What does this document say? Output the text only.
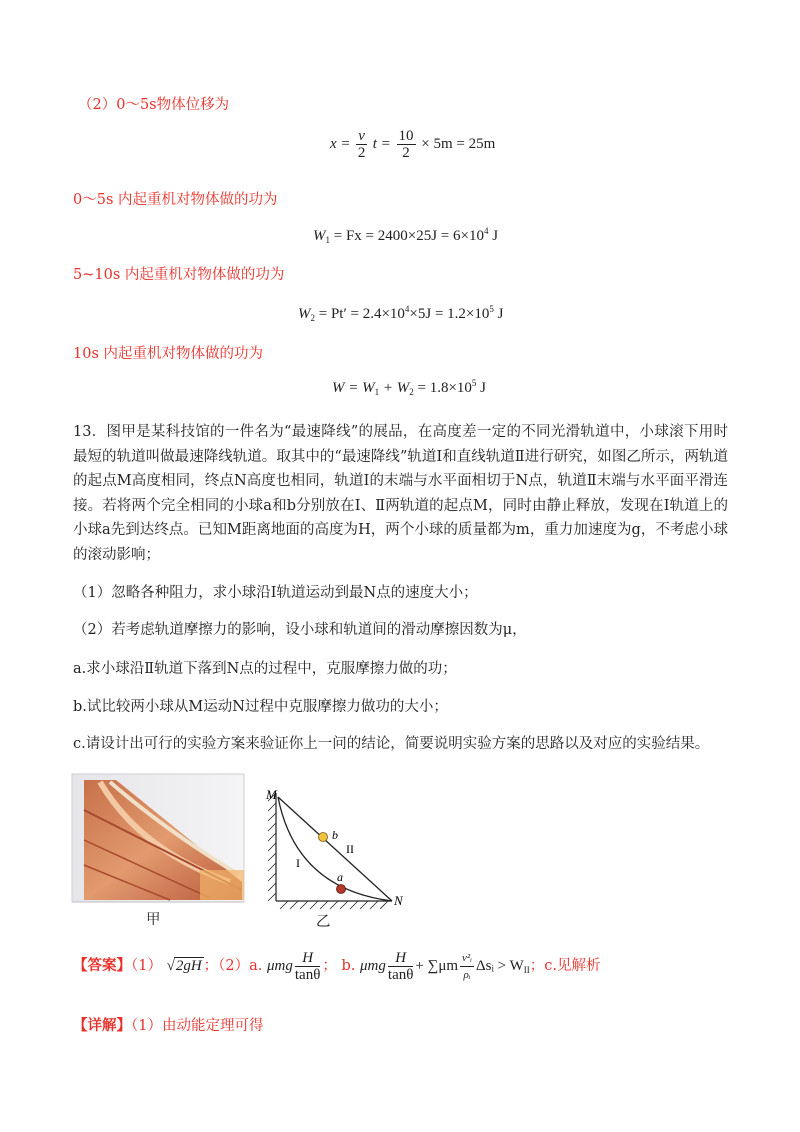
（2）0～5s物体位移为
$x = \frac{v}{2}$ $t = \frac{10}{2} \times 5m = 25m$
0～5s 内起重机对物体做的功为
$W_1 = Fx = 2400\times 25J = 6\times 10^4$ J
5~10s 内起重机对物体做的功为
$W_2 = Pt' = 2.4\times 10^4\times 5J = 1.2\times 10^5$ J
10s 内起重机对物体做的功为
$W = W_1 + W_2 = 1.8\times 10^5$ J
13．图甲是某科技馆的一件名为“最速降线”的展品，在高度差一定的不同光滑轨道中，小球滚下用时最短的轨道叫做最速降线轨道。取其中的“最速降线”轨道Ⅰ和直线轨道Ⅱ进行研究，如图乙所示，两轨道的起点M高度相同，终点N高度也相同，轨道Ⅰ的末端与水平面相切于N点，轨道Ⅱ末端与水平面平滑连接。若将两个完全相同的小球a和b分别放在Ⅰ、Ⅱ两轨道的起点M，同时由静止释放，发现在Ⅰ轨道上的小球a先到达终点。已知M距离地面的高度为H，两个小球的质量都为m，重力加速度为g，不考虑小球的滚动影响；
（1）忽略各种阻力，求小球沿Ⅰ轨道运动到最N点的速度大小；
（2）若考虑轨道摩擦力的影响，设小球和轨道间的滑动摩擦因数为μ，
a.求小球沿Ⅱ轨道下落到N点的过程中，克服摩擦力做的功；
b.试比较两小球从M运动N过程中克服摩擦力做功的大小；
c.请设计出可行的实验方案来验证你上一问的结论，简要说明实验方案的思路以及对应的实验结果。
甲
M
N
b
a
I
II
乙
【答案】（1） √2gH ；（2）a. μmg $\frac{H}{\tan\theta}$ ； b. μmg $\frac{H}{\tan\theta} + \sum\mu m \frac{\text{v²ᵢ}}{\text{ρᵢ}}$ Δsᵢ > $W_{II}$；c.见解析
【详解】（1）由动能定理可得
